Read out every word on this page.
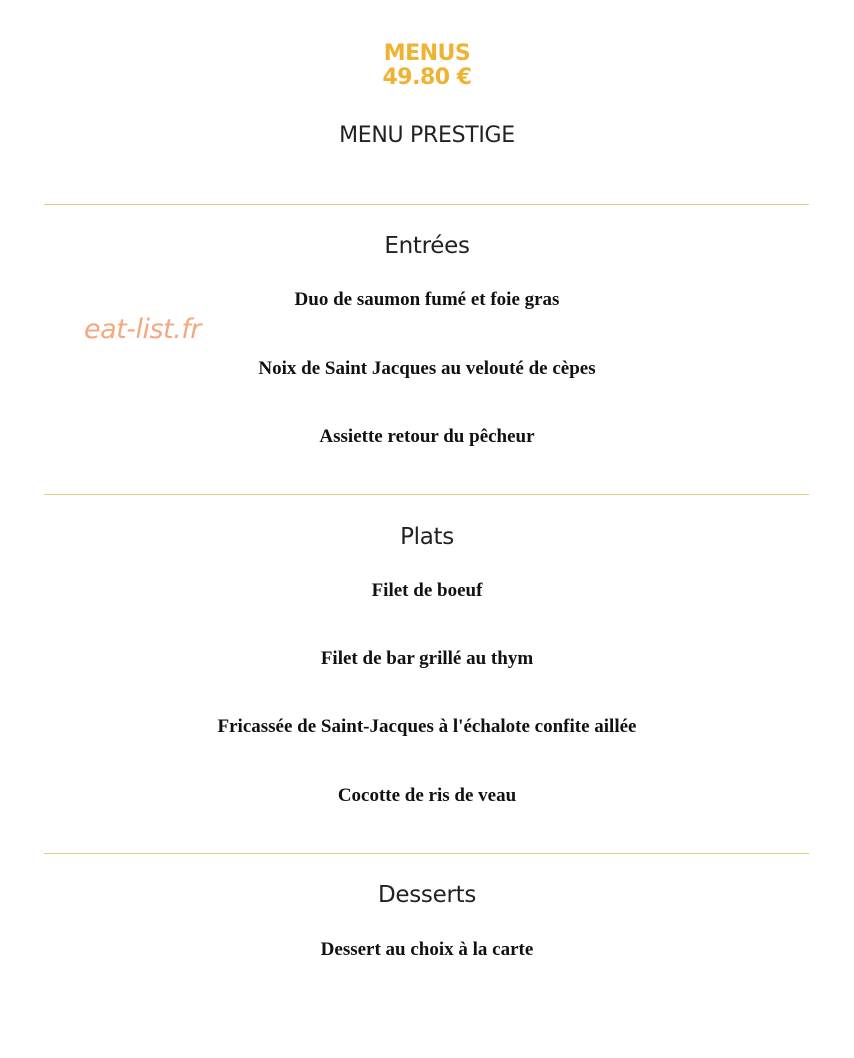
MENUS
49.80 €
MENU PRESTIGE
Entrées
Duo de saumon fumé et foie gras
Noix de Saint Jacques au velouté de cèpes
Assiette retour du pêcheur
Plats
Filet de boeuf
Filet de bar grillé au thym
Fricassée de Saint-Jacques à l'échalote confite aillée
Cocotte de ris de veau
Desserts
Dessert au choix à la carte
eat-list.fr
